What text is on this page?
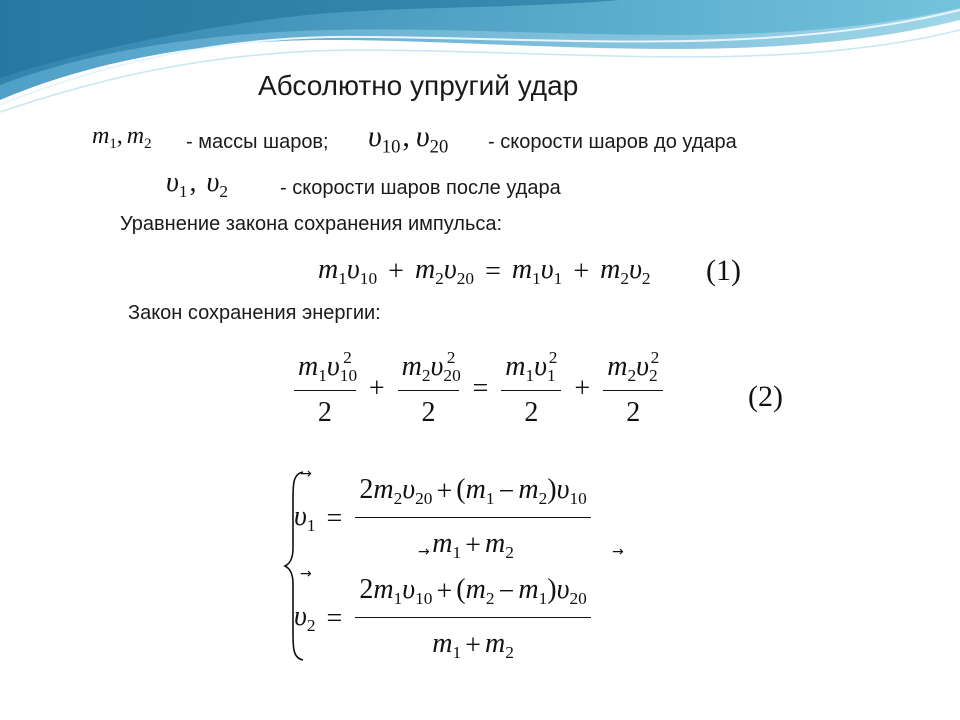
Абсолютно упругий удар
$m_1$, $m_2$ - массы шаров; $\upsilon_{10}$, $\upsilon_{20}$ - скорости шаров до удара
$\upsilon_1$, $\upsilon_2$	- скорости шаров после удара
Уравнение закона сохранения импульса:
$m_1\upsilon_{10} + m_2\upsilon_{20} = m_1\upsilon_1 + m_2\upsilon_2$ (1)
Закон сохранения энергии:
$\frac{m_1\upsilon_{10}^2}{2} + \frac{m_2\upsilon_{20}^2}{2} = \frac{m_1\upsilon_1^2}{2} + \frac{m_2\upsilon_2^2}{2}$	(2)
→
$\upsilon_1 = \frac{2m_2\upsilon_{20} + (m_1 - m_2)\upsilon_{10}}{m_1 + m_2}$
→	→
→
$\upsilon_2 = \frac{2m_1\upsilon_{10} + (m_2 - m_1)\upsilon_{20}}{m_1 + m_2}$
